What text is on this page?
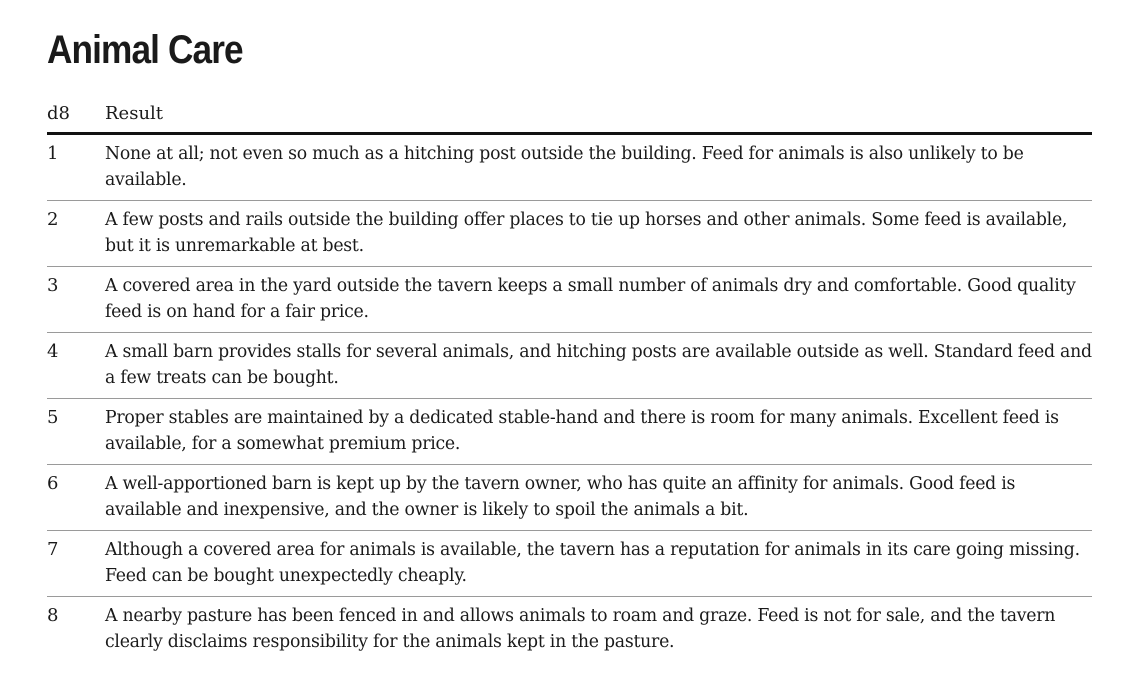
Animal Care
d8	Result
1	None at all; not even so much as a hitching post outside the building. Feed for animals is also unlikely to be available.
2	A few posts and rails outside the building offer places to tie up horses and other animals. Some feed is available, but it is unremarkable at best.
3	A covered area in the yard outside the tavern keeps a small number of animals dry and comfortable. Good quality feed is on hand for a fair price.
4	A small barn provides stalls for several animals, and hitching posts are available outside as well. Standard feed and a few treats can be bought.
5	Proper stables are maintained by a dedicated stable-hand and there is room for many animals. Excellent feed is available, for a somewhat premium price.
6	A well-apportioned barn is kept up by the tavern owner, who has quite an affinity for animals. Good feed is available and inexpensive, and the owner is likely to spoil the animals a bit.
7	Although a covered area for animals is available, the tavern has a reputation for animals in its care going missing. Feed can be bought unexpectedly cheaply.
8	A nearby pasture has been fenced in and allows animals to roam and graze. Feed is not for sale, and the tavern clearly disclaims responsibility for the animals kept in the pasture.
